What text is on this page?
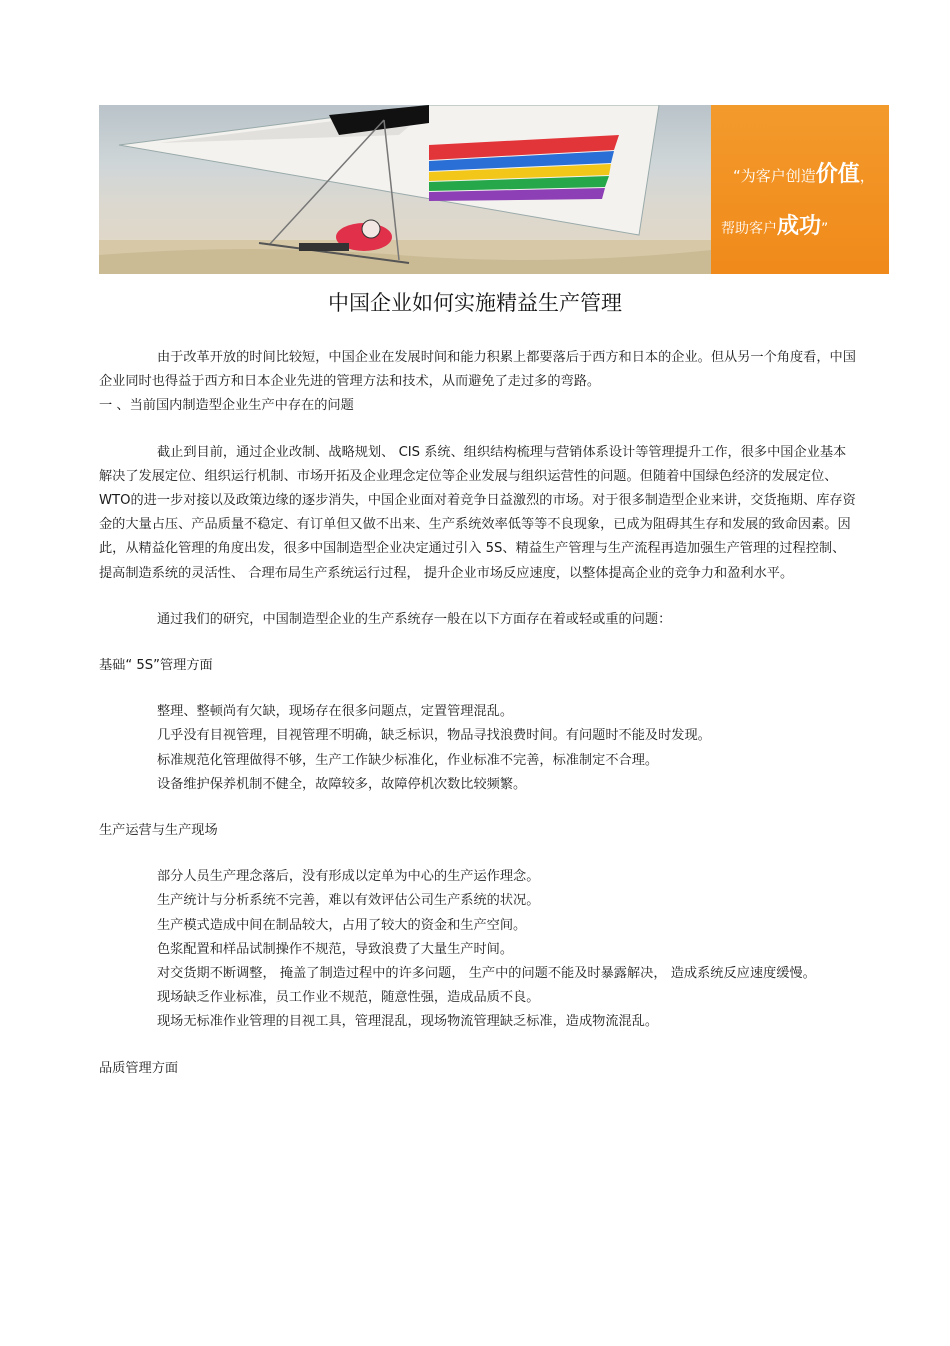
“为客户创造价值，
帮助客户成功”
中国企业如何实施精益生产管理

由于改革开放的时间比较短，中国企业在发展时间和能力积累上都要落后于西方和日本的企业。但从另一个角度看，中国企业同时也得益于西方和日本企业先进的管理方法和技术，从而避免了走过多的弯路。

一 、当前国内制造型企业生产中存在的问题

截止到目前，通过企业改制、战略规划、 CIS 系统、组织结构梳理与营销体系设计等管理提升工作，很多中国企业基本解决了发展定位、组织运行机制、市场开拓及企业理念定位等企业发展与组织运营性的问题。但随着中国绿色经济的发展定位、 WTO的进一步对接以及政策边缘的逐步消失，中国企业面对着竞争日益激烈的市场。对于很多制造型企业来讲，交货拖期、库存资金的大量占压、产品质量不稳定、有订单但又做不出来、生产系统效率低等等不良现象，已成为阻碍其生存和发展的致命因素。因此，从精益化管理的角度出发，很多中国制造型企业决定通过引入 5S、精益生产管理与生产流程再造加强生产管理的过程控制、 提高制造系统的灵活性、 合理布局生产系统运行过程， 提升企业市场反应速度，以整体提高企业的竞争力和盈利水平。

通过我们的研究，中国制造型企业的生产系统存一般在以下方面存在着或轻或重的问题：

基础“ 5S”管理方面

整理、整顿尚有欠缺，现场存在很多问题点，定置管理混乱。

几乎没有目视管理，目视管理不明确，缺乏标识，物品寻找浪费时间。有问题时不能及时发现。

标准规范化管理做得不够，生产工作缺少标准化，作业标准不完善，标准制定不合理。

设备维护保养机制不健全，故障较多，故障停机次数比较频繁。

生产运营与生产现场

部分人员生产理念落后，没有形成以定单为中心的生产运作理念。

生产统计与分析系统不完善，难以有效评估公司生产系统的状况。

生产模式造成中间在制品较大，占用了较大的资金和生产空间。

色浆配置和样品试制操作不规范，导致浪费了大量生产时间。

对交货期不断调整， 掩盖了制造过程中的许多问题， 生产中的问题不能及时暴露解决， 造成系统反应速度缓慢。

现场缺乏作业标准，员工作业不规范，随意性强，造成品质不良。

现场无标准作业管理的目视工具，管理混乱，现场物流管理缺乏标准，造成物流混乱。

品质管理方面
